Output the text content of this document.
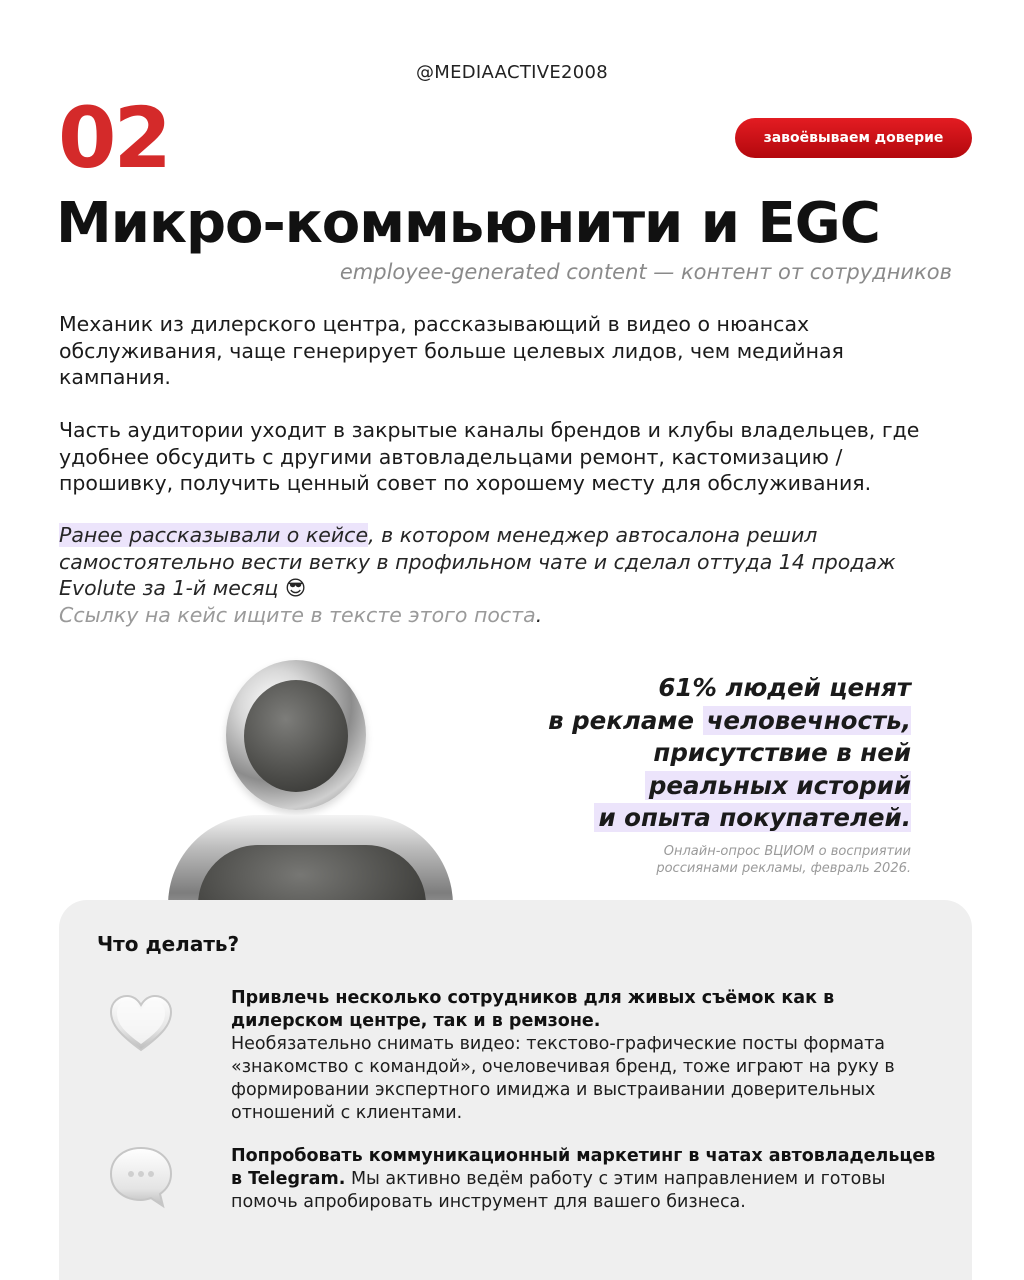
@MEDIAACTIVE2008
02	завоёвываем доверие
Микро-коммьюнити и EGC
employee-generated content — контент от сотрудников
Механик из дилерского центра, рассказывающий в видео о нюансах обслуживания, чаще генерирует больше целевых лидов, чем медийная кампания.
Часть аудитории уходит в закрытые каналы брендов и клубы владельцев, где удобнее обсудить с другими автовладельцами ремонт, кастомизацию / прошивку, получить ценный совет по хорошему месту для обслуживания.
Ранее рассказывали о кейсе, в котором менеджер автосалона решил самостоятельно вести ветку в профильном чате и сделал оттуда 14 продаж Evolute за 1-й месяц 😎
Ссылку на кейс ищите в тексте этого поста.
61% людей ценят
в рекламе человечность,
присутствие в ней
реальных историй
и опыта покупателей.
Онлайн-опрос ВЦИОМ о восприятии
россиянами рекламы, февраль 2026.
Что делать?
Привлечь несколько сотрудников для живых съёмок как в дилерском центре, так и в ремзоне.
Необязательно снимать видео: текстово-графические посты формата «знакомство с командой», очеловечивая бренд, тоже играют на руку в формировании экспертного имиджа и выстраивании доверительных отношений с клиентами.
Попробовать коммуникационный маркетинг в чатах автовладельцев в Telegram. Мы активно ведём работу с этим направлением и готовы помочь апробировать инструмент для вашего бизнеса.
